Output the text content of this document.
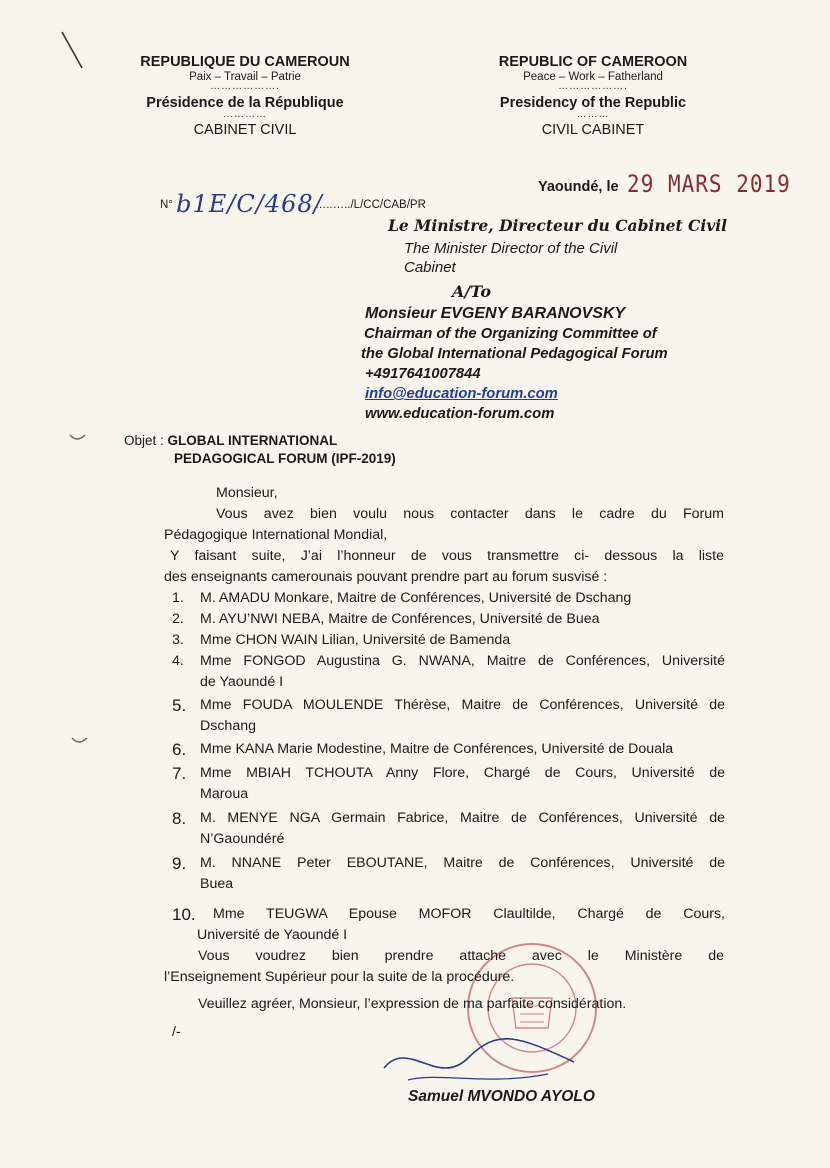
REPUBLIQUE DU CAMEROUN
Paix – Travail – Patrie
……………….
Présidence de la République
…………
CABINET CIVIL
REPUBLIC OF CAMEROON
Peace – Work – Fatherland
……………….
Presidency of the Republic
………
CIVIL CABINET
N° b1E/C/468/…..…../L/CC/CAB/PR
Yaoundé, le 29 MARS 2019
Le Ministre, Directeur du Cabinet Civil
The Minister Director of the Civil
Cabinet
A/To
Monsieur EVGENY BARANOVSKY
Chairman of the Organizing Committee of
the Global International Pedagogical Forum
+4917641007844
info@education-forum.com
www.education-forum.com
Objet : GLOBAL INTERNATIONAL
PEDAGOGICAL FORUM (IPF-2019)
Monsieur,
Vous avez bien voulu nous contacter dans le cadre du Forum
Pédagogique International Mondial,
Y faisant suite, J’ai l’honneur de vous transmettre ci- dessous la liste
des enseignants camerounais pouvant prendre part au forum susvisé :
1. M. AMADU Monkare, Maitre de Conférences, Université de Dschang
2. M. AYU’NWI NEBA, Maitre de Conférences, Université de Buea
3. Mme CHON WAIN Lilian, Université de Bamenda
4. Mme FONGOD Augustina G. NWANA, Maitre de Conférences, Université
de Yaoundé I
5. Mme FOUDA MOULENDE Thérèse, Maitre de Conférences, Université de
Dschang
6. Mme KANA Marie Modestine, Maitre de Conférences, Université de Douala
7. Mme MBIAH TCHOUTA Anny Flore, Chargé de Cours, Université de
Maroua
8. M. MENYE NGA Germain Fabrice, Maitre de Conférences, Université de
N’Gaoundéré
9. M. NNANE Peter EBOUTANE, Maitre de Conférences, Université de
Buea
10. Mme TEUGWA Epouse MOFOR Claultilde, Chargé de Cours,
Université de Yaoundé I
Vous voudrez bien prendre attache avec le Ministère de
l’Enseignement Supérieur pour la suite de la procédure.
Veuillez agréer, Monsieur, l’expression de ma parfaite considération.
/-
Samuel MVONDO AYOLO
